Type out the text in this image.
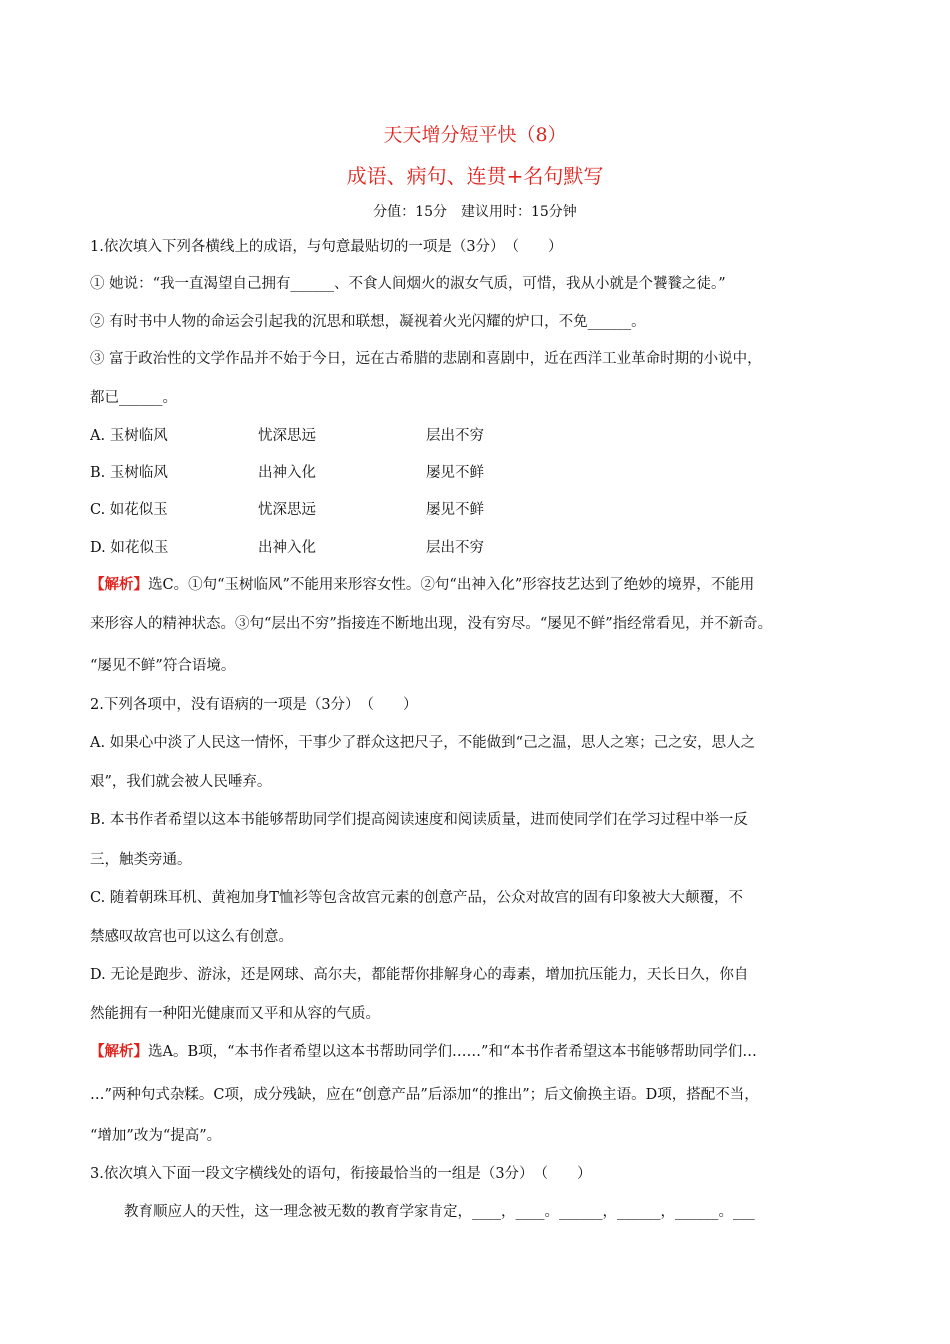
天天增分短平快（8）
成语、病句、连贯+名句默写
分值：15分　建议用时：15分钟
1.依次填入下列各横线上的成语，与句意最贴切的一项是（3分）　（　　）
① 她说：“我一直渴望自己拥有______、不食人间烟火的淑女气质，可惜，我从小就是个饕餮之徒。”
② 有时书中人物的命运会引起我的沉思和联想，凝视着火光闪耀的炉口，不免______。
③ 富于政治性的文学作品并不始于今日，远在古希腊的悲剧和喜剧中，近在西洋工业革命时期的小说中，
都已______。
A. 玉树临风	忧深思远	层出不穷
B. 玉树临风	出神入化	屡见不鲜
C. 如花似玉	忧深思远	屡见不鲜
D. 如花似玉	出神入化	层出不穷
【解析】选C。①句“玉树临风”不能用来形容女性。②句“出神入化”形容技艺达到了绝妙的境界，不能用
来形容人的精神状态。③句“层出不穷”指接连不断地出现，没有穷尽。“屡见不鲜”指经常看见，并不新奇。
“屡见不鲜”符合语境。
2.下列各项中，没有语病的一项是（3分）　（　　）
A. 如果心中淡了人民这一情怀，干事少了群众这把尺子，不能做到“己之温，思人之寒；己之安，思人之
艰”，我们就会被人民唾弃。
B. 本书作者希望以这本书能够帮助同学们提高阅读速度和阅读质量，进而使同学们在学习过程中举一反
三，触类旁通。
C. 随着朝珠耳机、黄袍加身T恤衫等包含故宫元素的创意产品，公众对故宫的固有印象被大大颠覆，不
禁感叹故宫也可以这么有创意。
D. 无论是跑步、游泳，还是网球、高尔夫，都能帮你排解身心的毒素，增加抗压能力，天长日久，你自
然能拥有一种阳光健康而又平和从容的气质。
【解析】选A。B项，“本书作者希望以这本书帮助同学们……”和“本书作者希望这本书能够帮助同学们…
…”两种句式杂糅。C项，成分残缺，应在“创意产品”后添加“的推出”；后文偷换主语。D项，搭配不当，
“增加”改为“提高”。
3.依次填入下面一段文字横线处的语句，衔接最恰当的一组是（3分）　（　　）
教育顺应人的天性，这一理念被无数的教育学家肯定，____，____。______，______，______。___
